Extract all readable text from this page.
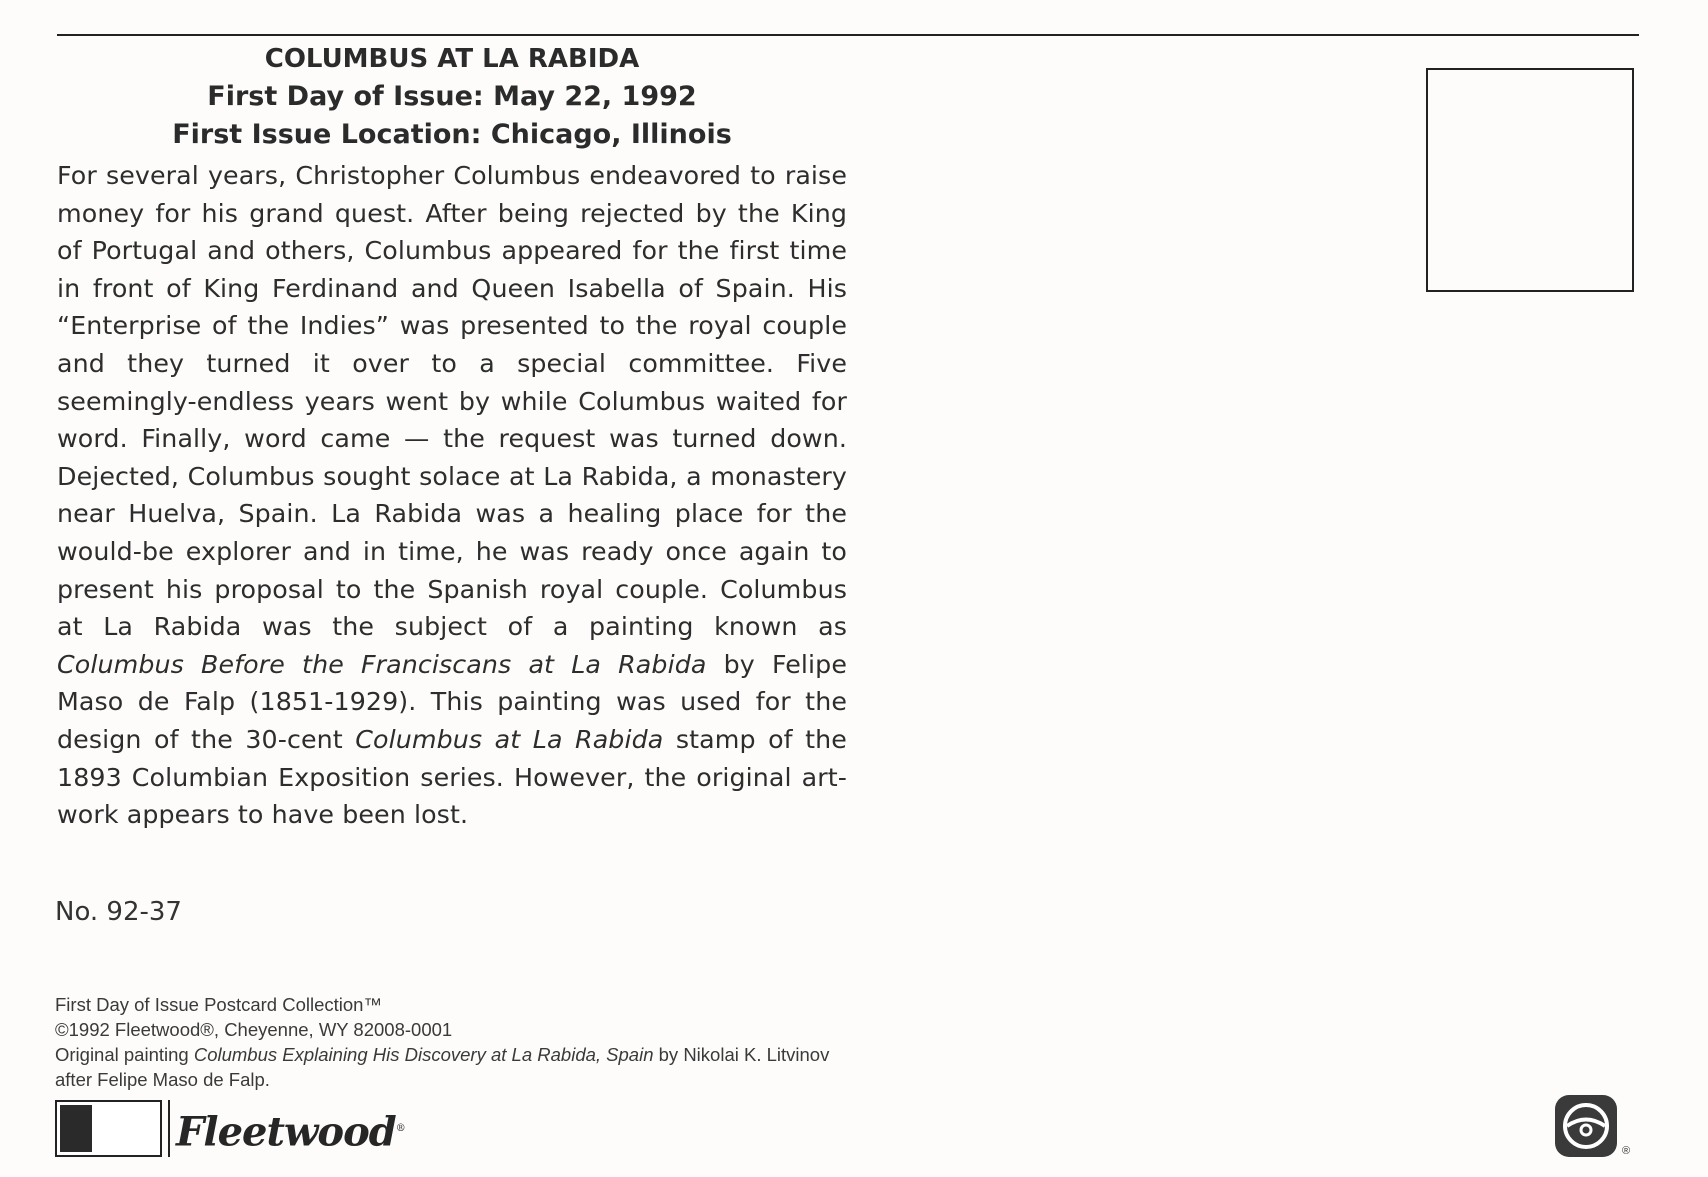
COLUMBUS AT LA RABIDA
First Day of Issue: May 22, 1992
First Issue Location: Chicago, Illinois
For several years, Christopher Columbus endeavored to raise money for his grand quest. After being rejected by the King of Portugal and others, Columbus appeared for the first time in front of King Ferdinand and Queen Isabella of Spain. His “Enterprise of the Indies” was presented to the royal couple and they turned it over to a special committee. Five seemingly-endless years went by while Columbus waited for word. Finally, word came — the request was turned down. Dejected, Columbus sought solace at La Rabida, a monastery near Huelva, Spain. La Rabida was a healing place for the would-be explorer and in time, he was ready once again to present his proposal to the Spanish royal couple. Columbus at La Rabida was the subject of a painting known as Columbus Before the Franciscans at La Rabida by Felipe Maso de Falp (1851-1929). This painting was used for the design of the 30-cent Columbus at La Rabida stamp of the 1893 Columbian Exposition series. However, the original art-work appears to have been lost.
No. 92-37
First Day of Issue Postcard Collection™
©1992 Fleetwood®, Cheyenne, WY 82008-0001
Original painting Columbus Explaining His Discovery at La Rabida, Spain by Nikolai K. Litvinov after Felipe Maso de Falp.
Fleetwood®
®
